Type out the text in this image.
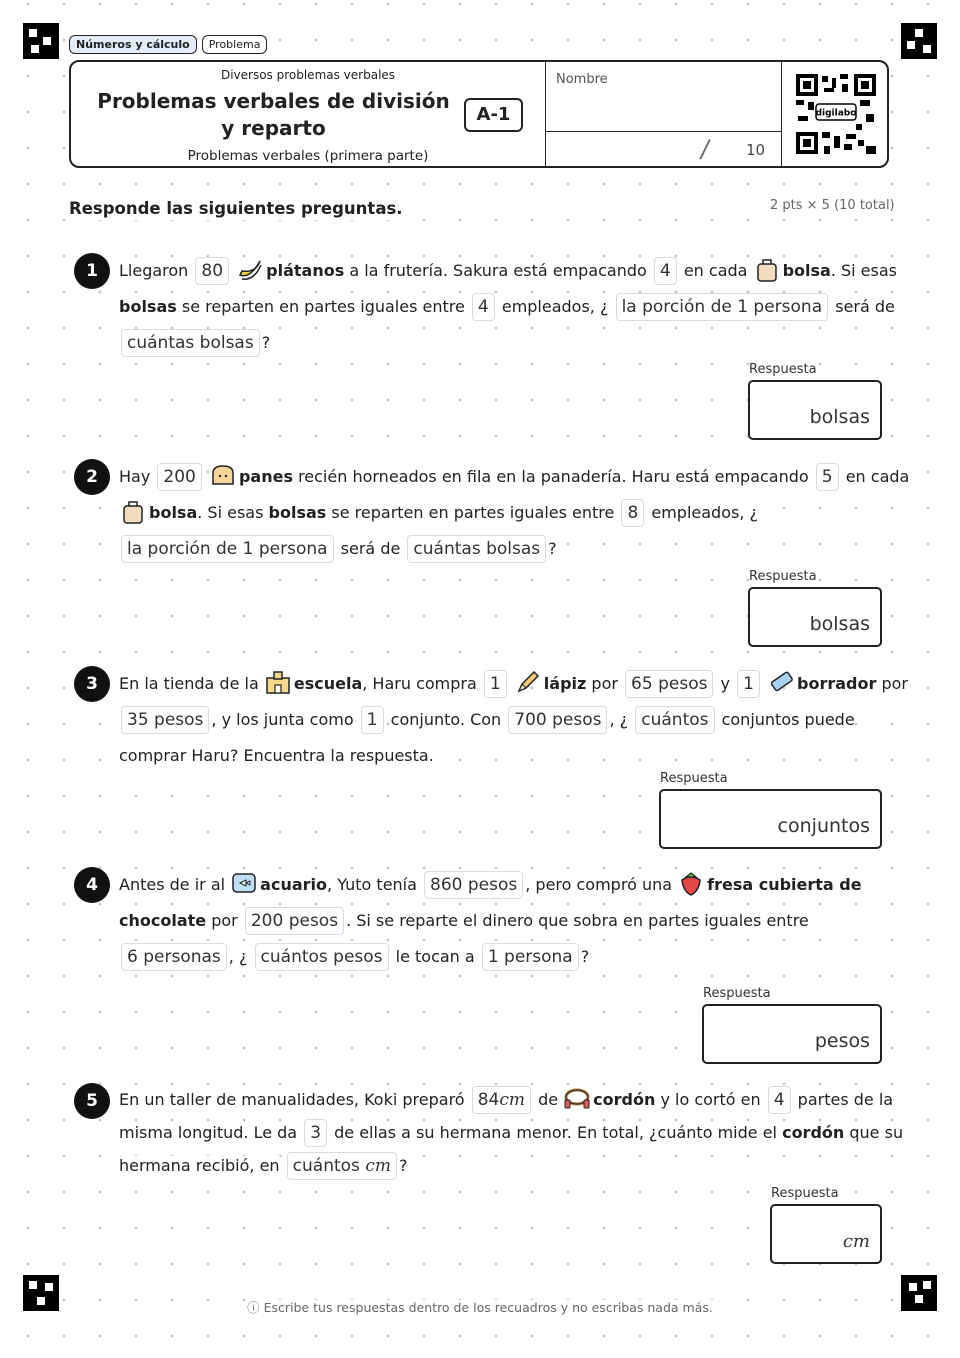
Números y cálculo	Problema
Diversos problemas verbales
Problemas verbales de división y reparto
A-1
Problemas verbales (primera parte)
Nombre
/ 10
digilabo
Responde las siguientes preguntas.	2 pts × 5 (10 total)
1	Llegaron 80	plátanos a la frutería. Sakura está empacando 4 en cada bolsa. Si esas
bolsas se reparten en partes iguales entre 4 empleados, ¿ la porción de 1 persona será de
cuántas bolsas ?
Respuesta
bolsas
2	Hay 200	panes recién horneados en fila en la panadería. Haru está empacando 5 en cada
bolsa. Si esas bolsas se reparten en partes iguales entre 8 empleados, ¿
la porción de 1 persona será de cuántas bolsas ?
Respuesta
bolsas
3	En la tienda de la escuela, Haru compra 1	lápiz por 65 pesos y 1	borrador por
35 pesos , y los junta como 1 conjunto. Con 700 pesos , ¿ cuántos conjuntos puede
comprar Haru? Encuentra la respuesta.
Respuesta
conjuntos
4	Antes de ir al acuario, Yuto tenía 860 pesos , pero compró una fresa cubierta de
chocolate por 200 pesos . Si se reparte el dinero que sobra en partes iguales entre
6 personas , ¿ cuántos pesos le tocan a 1 persona ?
Respuesta
pesos
5	En un taller de manualidades, Koki preparó 84cm de cordón y lo cortó en 4 partes de la
misma longitud. Le da 3 de ellas a su hermana menor. En total, ¿cuánto mide el cordón que su
hermana recibió, en cuántos cm ?
Respuesta
cm
ⓘ Escribe tus respuestas dentro de los recuadros y no escribas nada más.
